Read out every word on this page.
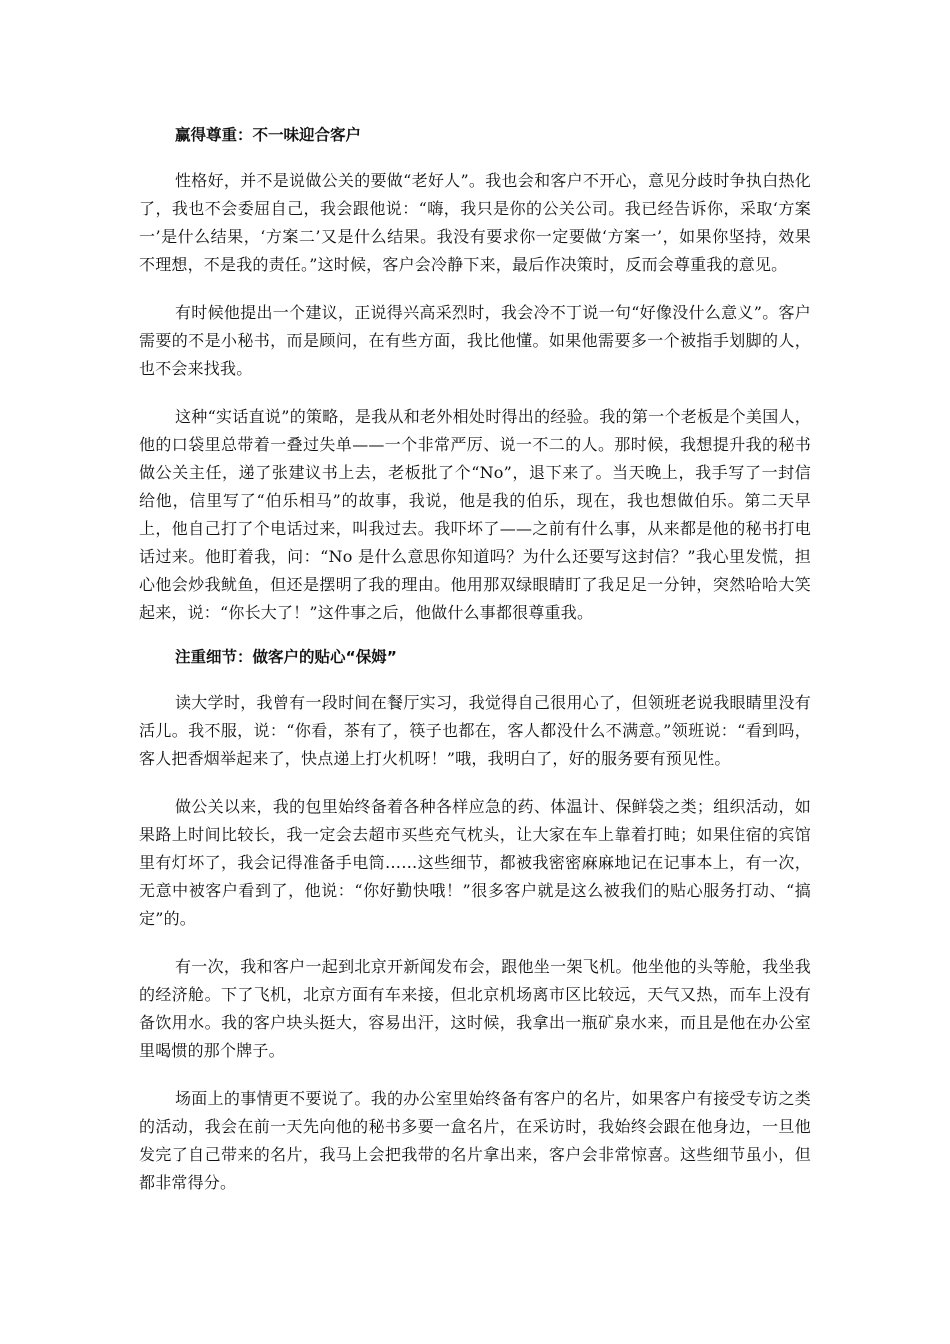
赢得尊重：不一味迎合客户

性格好，并不是说做公关的要做“老好人”。我也会和客户不开心，意见分歧时争执白热化了，我也不会委屈自己，我会跟他说：“嗨，我只是你的公关公司。我已经告诉你，采取‘方案一’是什么结果，‘方案二’又是什么结果。我没有要求你一定要做‘方案一’，如果你坚持，效果不理想，不是我的责任。”这时候，客户会冷静下来，最后作决策时，反而会尊重我的意见。

有时候他提出一个建议，正说得兴高采烈时，我会冷不丁说一句“好像没什么意义”。客户需要的不是小秘书，而是顾问，在有些方面，我比他懂。如果他需要多一个被指手划脚的人，也不会来找我。

这种“实话直说”的策略，是我从和老外相处时得出的经验。我的第一个老板是个美国人，他的口袋里总带着一叠过失单——一个非常严厉、说一不二的人。那时候，我想提升我的秘书做公关主任，递了张建议书上去，老板批了个“No”，退下来了。当天晚上，我手写了一封信给他，信里写了“伯乐相马”的故事，我说，他是我的伯乐，现在，我也想做伯乐。第二天早上，他自己打了个电话过来，叫我过去。我吓坏了——之前有什么事，从来都是他的秘书打电话过来。他盯着我，问：“No 是什么意思你知道吗？为什么还要写这封信？”我心里发慌，担心他会炒我鱿鱼，但还是摆明了我的理由。他用那双绿眼睛盯了我足足一分钟，突然哈哈大笑起来，说：“你长大了！”这件事之后，他做什么事都很尊重我。

注重细节：做客户的贴心“保姆”

读大学时，我曾有一段时间在餐厅实习，我觉得自己很用心了，但领班老说我眼睛里没有活儿。我不服，说：“你看，茶有了，筷子也都在，客人都没什么不满意。”领班说：“看到吗，客人把香烟举起来了，快点递上打火机呀！”哦，我明白了，好的服务要有预见性。

做公关以来，我的包里始终备着各种各样应急的药、体温计、保鲜袋之类；组织活动，如果路上时间比较长，我一定会去超市买些充气枕头，让大家在车上靠着打盹；如果住宿的宾馆里有灯坏了，我会记得准备手电筒……这些细节，都被我密密麻麻地记在记事本上，有一次，无意中被客户看到了，他说：“你好勤快哦！”很多客户就是这么被我们的贴心服务打动、“搞定”的。

有一次，我和客户一起到北京开新闻发布会，跟他坐一架飞机。他坐他的头等舱，我坐我的经济舱。下了飞机，北京方面有车来接，但北京机场离市区比较远，天气又热，而车上没有备饮用水。我的客户块头挺大，容易出汗，这时候，我拿出一瓶矿泉水来，而且是他在办公室里喝惯的那个牌子。

场面上的事情更不要说了。我的办公室里始终备有客户的名片，如果客户有接受专访之类的活动，我会在前一天先向他的秘书多要一盒名片，在采访时，我始终会跟在他身边，一旦他发完了自己带来的名片，我马上会把我带的名片拿出来，客户会非常惊喜。这些细节虽小，但都非常得分。
